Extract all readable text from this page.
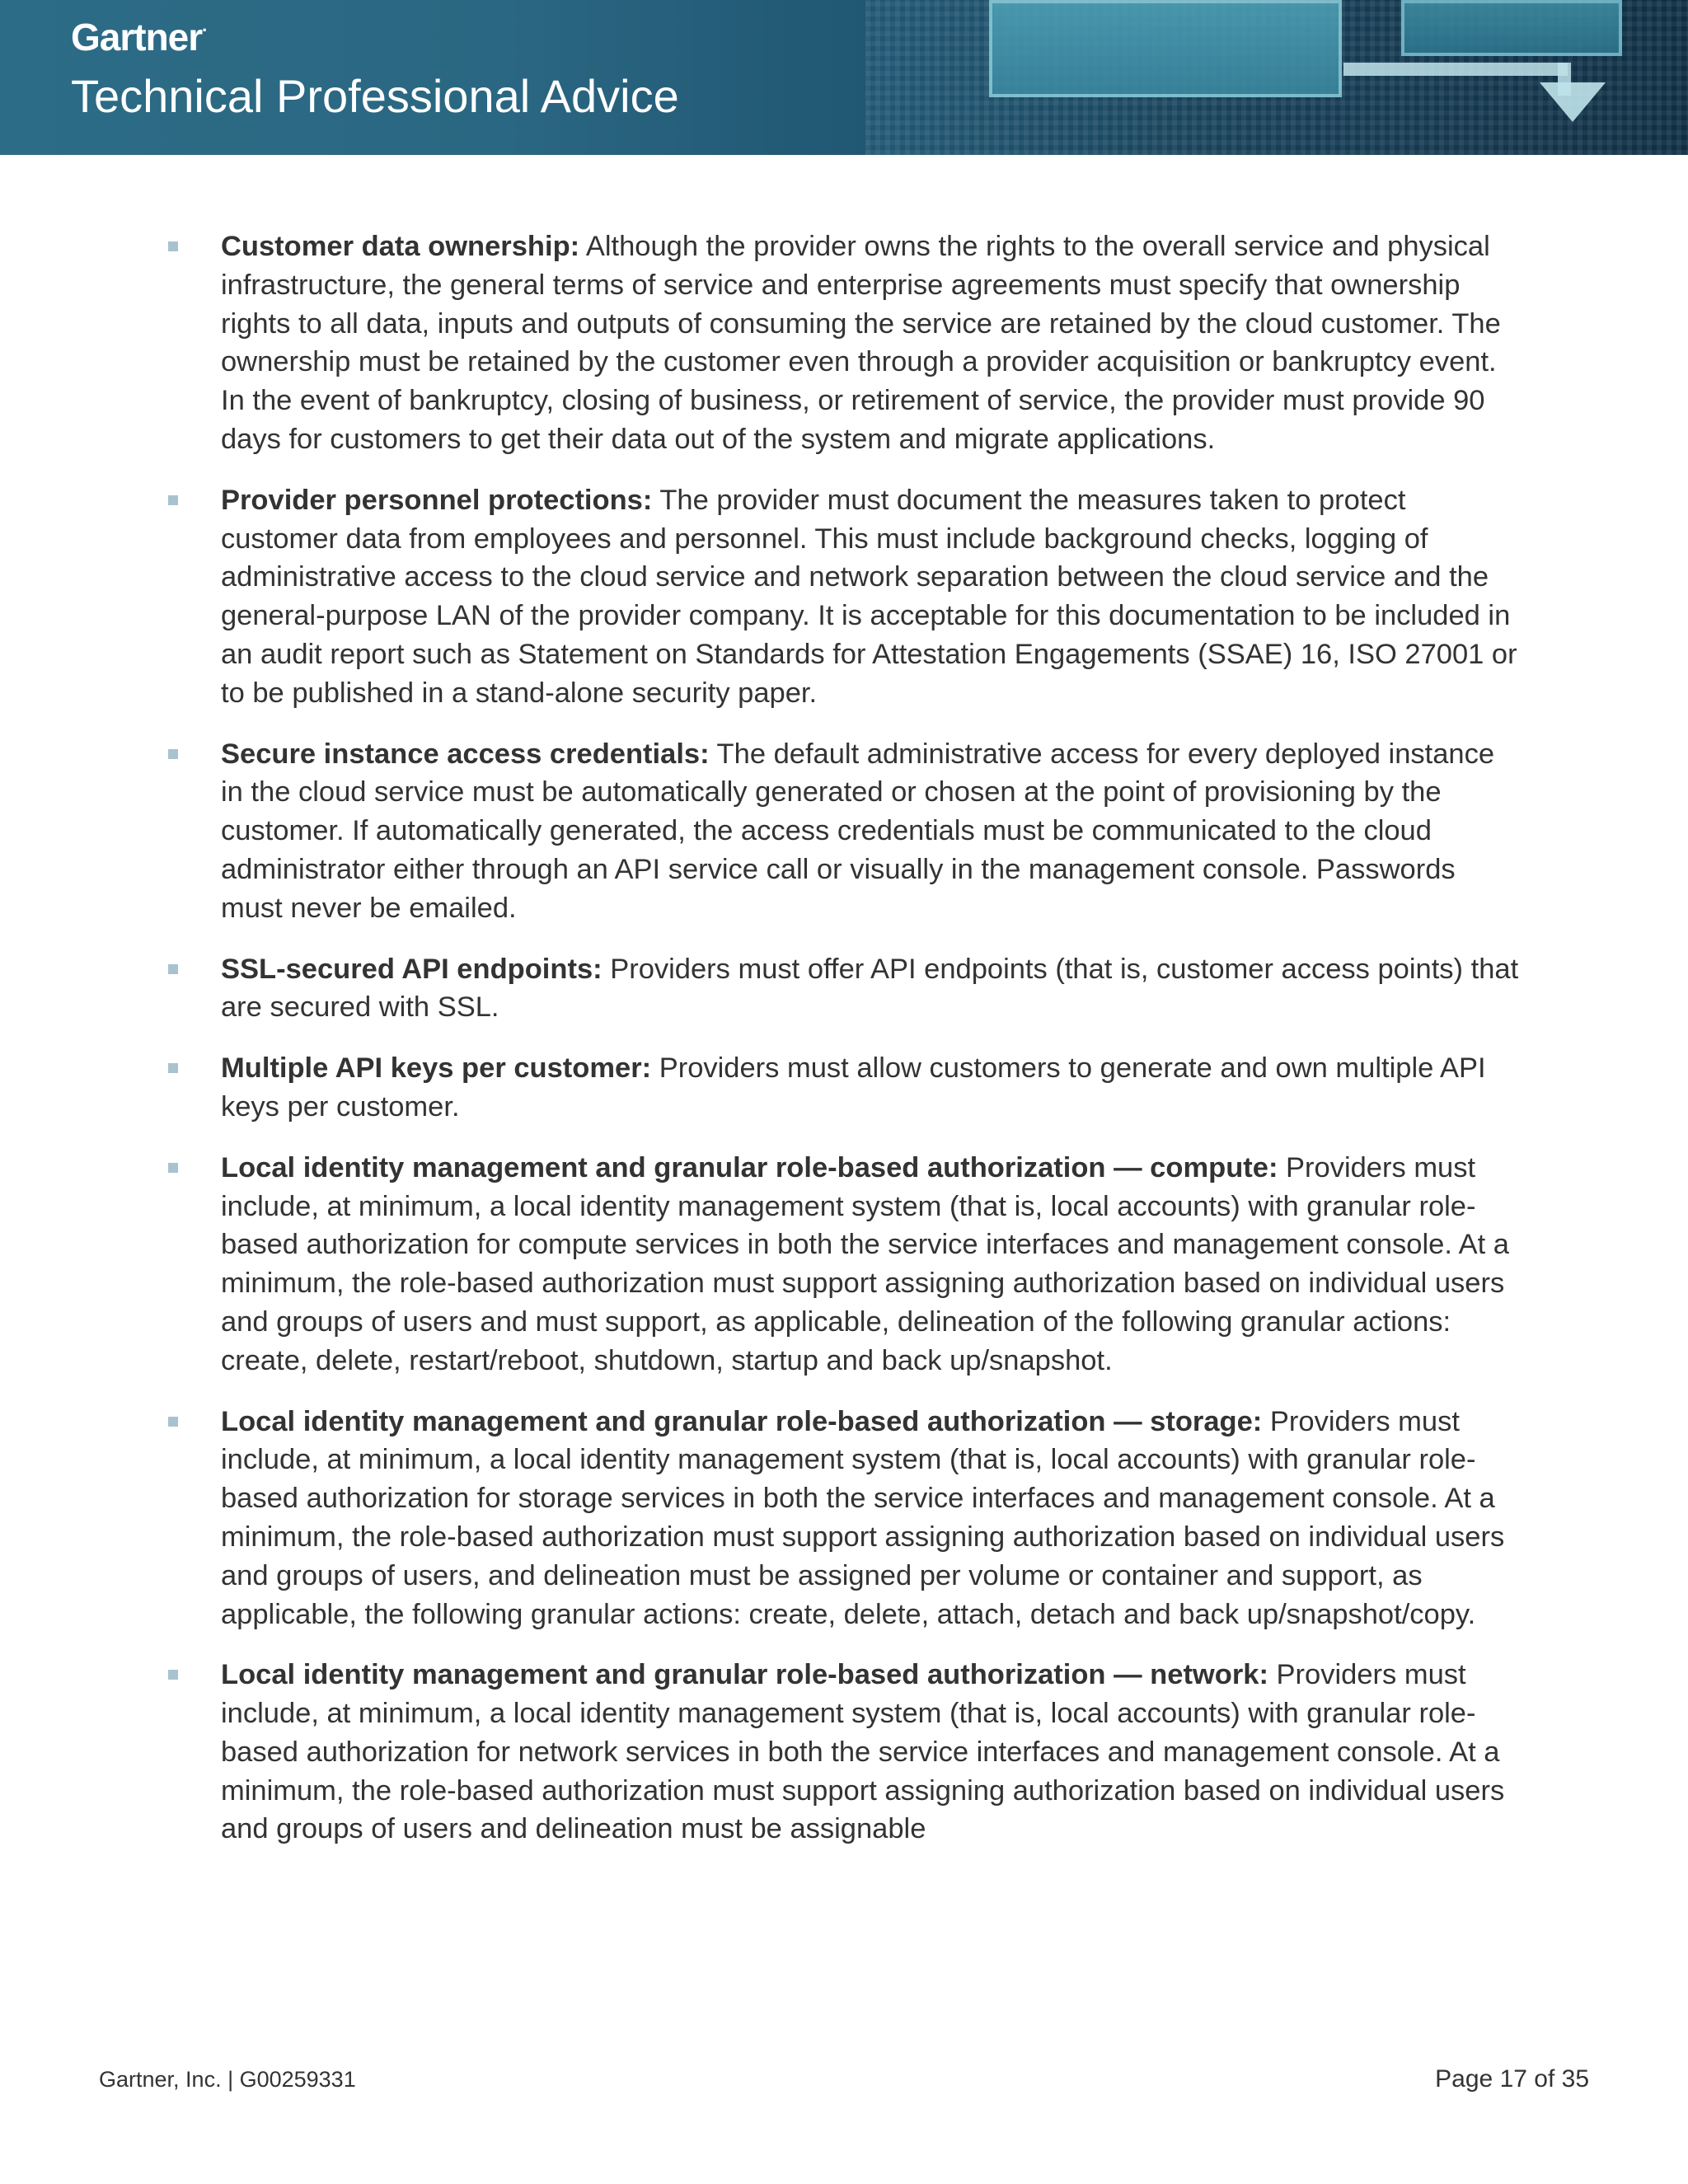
Gartner.
Technical Professional Advice
Customer data ownership: Although the provider owns the rights to the overall service and physical infrastructure, the general terms of service and enterprise agreements must specify that ownership rights to all data, inputs and outputs of consuming the service are retained by the cloud customer. The ownership must be retained by the customer even through a provider acquisition or bankruptcy event. In the event of bankruptcy, closing of business, or retirement of service, the provider must provide 90 days for customers to get their data out of the system and migrate applications.
Provider personnel protections: The provider must document the measures taken to protect customer data from employees and personnel. This must include background checks, logging of administrative access to the cloud service and network separation between the cloud service and the general-purpose LAN of the provider company. It is acceptable for this documentation to be included in an audit report such as Statement on Standards for Attestation Engagements (SSAE) 16, ISO 27001 or to be published in a stand-alone security paper.
Secure instance access credentials: The default administrative access for every deployed instance in the cloud service must be automatically generated or chosen at the point of provisioning by the customer. If automatically generated, the access credentials must be communicated to the cloud administrator either through an API service call or visually in the management console. Passwords must never be emailed.
SSL-secured API endpoints: Providers must offer API endpoints (that is, customer access points) that are secured with SSL.
Multiple API keys per customer: Providers must allow customers to generate and own multiple API keys per customer.
Local identity management and granular role-based authorization — compute: Providers must include, at minimum, a local identity management system (that is, local accounts) with granular role-based authorization for compute services in both the service interfaces and management console. At a minimum, the role-based authorization must support assigning authorization based on individual users and groups of users and must support, as applicable, delineation of the following granular actions: create, delete, restart/reboot, shutdown, startup and back up/snapshot.
Local identity management and granular role-based authorization — storage: Providers must include, at minimum, a local identity management system (that is, local accounts) with granular role-based authorization for storage services in both the service interfaces and management console. At a minimum, the role-based authorization must support assigning authorization based on individual users and groups of users, and delineation must be assigned per volume or container and support, as applicable, the following granular actions: create, delete, attach, detach and back up/snapshot/copy.
Local identity management and granular role-based authorization — network: Providers must include, at minimum, a local identity management system (that is, local accounts) with granular role-based authorization for network services in both the service interfaces and management console. At a minimum, the role-based authorization must support assigning authorization based on individual users and groups of users and delineation must be assignable
Gartner, Inc. | G00259331	Page 17 of 35
